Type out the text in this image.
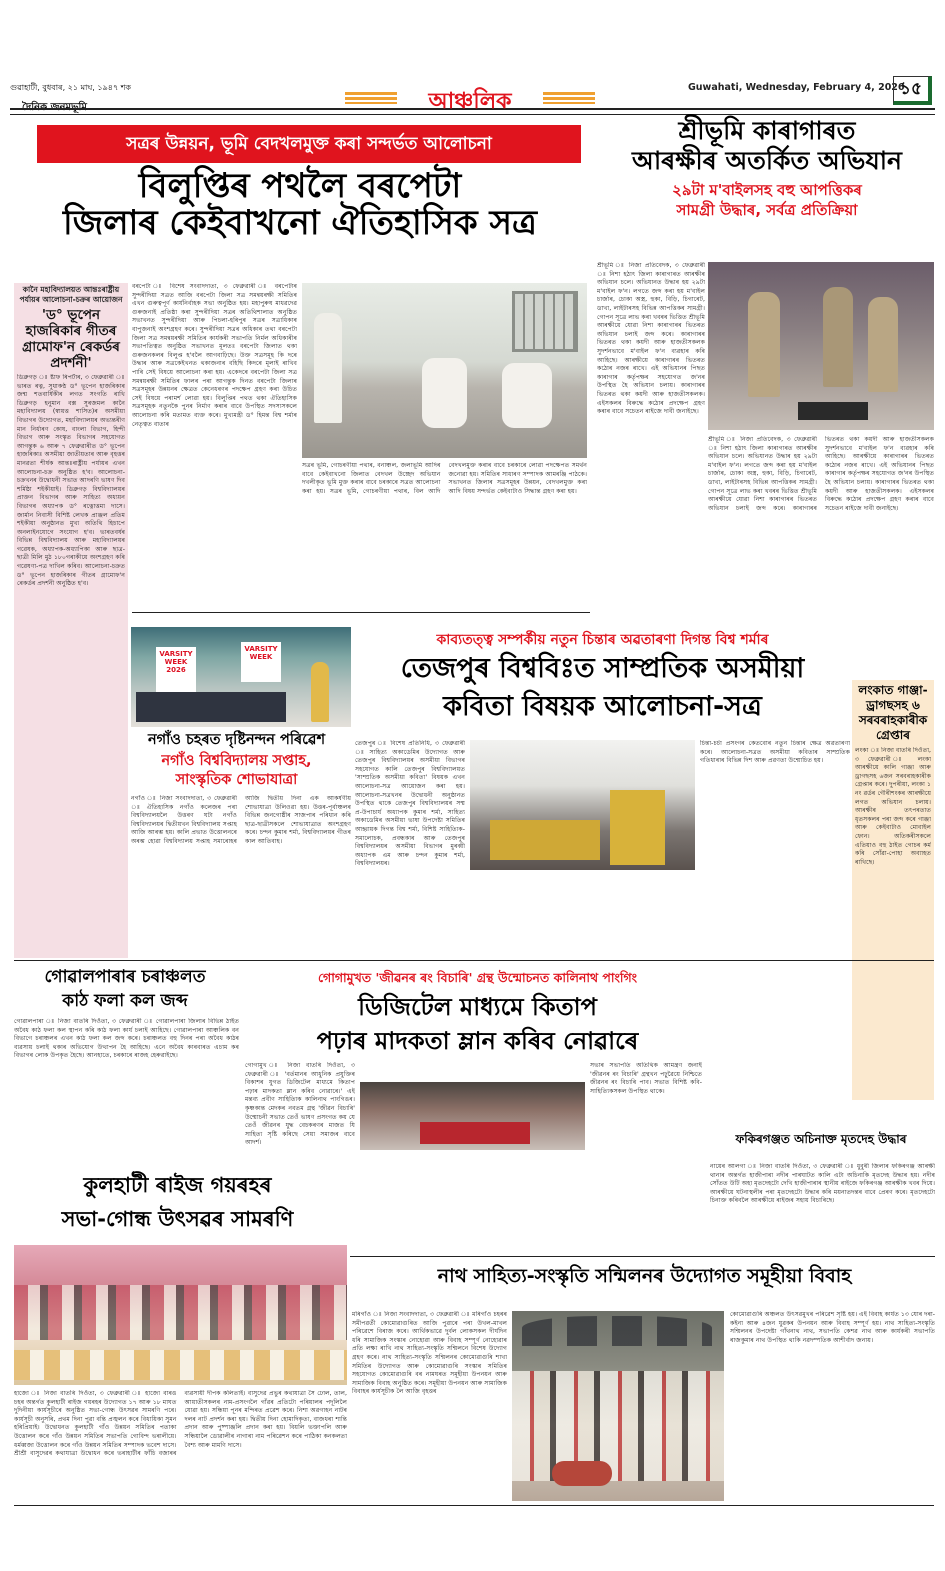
গুৱাহাটী, বুধবাৰ, ২১ মাঘ, ১৯৪৭ শক
দৈনিক জনমভূমি	আঞ্চলিক
Guwahati, Wednesday, February 4, 2026
১৫
সত্ৰৰ উন্নয়ন, ভূমি বেদখলমুক্ত কৰা সন্দৰ্ভত আলোচনা
বিলুপ্তিৰ পথলৈ বৰপেটা
জিলাৰ কেইবাখনো ঐতিহাসিক সত্ৰ
কানৈ মহাবিদ্যালয়ত আন্তঃৰাষ্ট্ৰীয় পৰ্যায়ৰ আলোচনা-চক্ৰৰ আয়োজন
'ড° ভূপেন হাজৰিকাৰ গীতৰ গ্ৰামোফ'ন ৰেকৰ্ডৰ প্ৰদৰ্শনী'
ডিব্ৰুগড় ঃ ষ্টাফ ৰিপৰ্টাৰ, ৩ ফেব্ৰুৱাৰী ঃ ভাৰত ৰত্ন, সুধাকণ্ঠ ড° ভূপেন হাজৰিকাৰ জন্ম শতবাৰ্ষিকীৰ লগত সংগতি ৰাখি ডিব্ৰুগড় হনুমান বক্স সুৰজমল কানৈ মহাবিদ্যালয় (স্বায়ত্ত শাসিত)ৰ অসমীয়া বিভাগৰ উদ্যোগত, মহাবিদ্যালয়ৰ অভ্যন্তৰীণ মান নিৰ্ধাৰণ কোষ, বাংলা বিভাগ, হিন্দী বিভাগ আৰু সংস্কৃত বিভাগৰ সহযোগত আগন্তুক ৬ আৰু ৭ ফেব্ৰুৱাৰীত ড° ভূপেন হাজৰিকাঃ অসমীয়া জাতীয়তাৰ আৰু বৃহত্তৰ মানৱতা শীৰ্ষক আন্তঃৰাষ্ট্ৰীয় পৰ্যায়ৰ এখন আলোচনা-চক্ৰ অনুষ্ঠিত হ'ব। আলোচনা-চক্ৰখনৰ উদ্বোধনী সভাত আদৰণি ভাষণ দিব শৰ্মিষ্ঠা শইকীয়াই। ডিব্ৰুগড় বিশ্ববিদ্যালয়ৰ প্ৰাক্তন বিভাগৰ আৰু সাহিত্য অধ্যয়ন বিভাগৰ অধ্যাপক ড° ৰত্নোত্তমা দাসে। জাৰ্মান নিবাসী বিশিষ্ট লেখক প্ৰাঞ্জল প্ৰতিম শইকীয়া অনুষ্ঠানত মুখ্য অতিথি হিচাপে অনলাইনযোগে সংযোগ হ'ব। ভাৰতবৰ্ষৰ বিভিন্ন বিশ্ববিদ্যালয় আৰু মহাবিদ্যালয়ৰ গৱেষক, অধ্যাপক-অধ্যাপিকা আৰু ছাত্ৰ-ছাত্ৰী মিলি মুঠ ১৮০গৰাকীয়ে অংশগ্ৰহণ কৰি গৱেষণা-পত্ৰ দাখিল কৰিব। আলোচনা-চক্ৰত ড° ভূপেন হাজৰিকাৰ গীতৰ গ্ৰামোফ'ন ৰেকৰ্ডৰ প্ৰদৰ্শনী অনুষ্ঠিত হ'ব।
বৰপেটা ঃ বিশেষ সংবাদদাতা, ৩ ফেব্ৰুৱাৰী ঃ বৰপেটাৰ সুন্দৰীদিয়া সত্ৰত আজি বৰপেটা জিলা সত্ৰ সমন্বয়ৰক্ষী সমিতিৰ এখন গুৰুত্বপূৰ্ণ কাৰ্যনিৰ্বাহক সভা অনুষ্ঠিত হয়। মহাপুৰুষ মাধৱদেৱ গুৰুজনাই প্ৰতিষ্ঠা কৰা সুন্দৰীদিয়া সত্ৰৰ অতিথিশালাত অনুষ্ঠিত সভাখনত সুন্দৰীদিয়া আৰু পিচলা-হৰিপুৰ সত্ৰৰ সত্ৰাধিকাৰ বাপুজনাই অংশগ্ৰহণ কৰে। সুন্দৰীদিয়া সত্ৰৰ অধিকাৰ তথা বৰপেটা জিলা সত্ৰ সমন্বয়ৰক্ষী সমিতিৰ কাৰ্যকৰী সভাপতি নিৰ্মল অধিকাৰীৰ সভাপতিত্বত অনুষ্ঠিত সভাখনত মূলতঃ বৰপেটা জিলাত থকা গুৰুজনকলৰ বিলুপ্ত হ'বলৈ আগবাঢ়িছে। উক্ত সত্ৰসমূহ কি দৰে উদ্ধাৰ আৰু সত্ৰকেইখনত থকাজনাৰ বহিছি কিদৰে মূলাই ৰাখিব পাৰি সেই বিষয়ে আলোচনা কৰা হয়। একেদৰে বৰপেটা জিলা সত্ৰ সমন্বয়ৰক্ষী সমিতিৰ ফালৰ পৰা আগন্তুক দিনত বৰপেটা জিলাৰ সত্ৰসমূহৰ উন্নয়নৰ ক্ষেত্ৰত কেনেধৰণৰ পদক্ষেপ গ্ৰহণ কৰা উচিত সেই বিষয়ে পৰামৰ্শ লোৱা হয়। বিলুপ্তিৰ পথত থকা ঐতিহাসিক সত্ৰসমূহক নতুনকৈ পুনৰ নিৰ্মাণ কৰাৰ বাবে উপস্থিত সদস্যসকলে আলোচনা কৰি মতামত ব্যক্ত কৰে। মুখ্যমন্ত্ৰী ড° হিমন্ত বিশ্ব শৰ্মাৰ নেতৃত্বত বাতাৰ
সত্ৰৰ ভূমি, গোচৰণীয়া পথাৰ, বনাঞ্চল, জলাভূমি আদিৰ বাবে কেইবাখনো জিলাত বেদখল উচ্ছেদ অভিযান দখলীকৃত ভূমি মুক্ত কৰাৰ বাবে চৰকাৰে সত্ৰত আলোচনা কৰা হয়। সত্ৰৰ ভূমি, গোচৰণীয়া পথাৰ, বিল আদি বেদখলমুক্ত কৰাৰ বাবে চৰকাৰে লোৱা পদক্ষেপত সমৰ্থন জনোৱা হয়। সমিতিৰ সাধাৰণ সম্পাদক আমৰঞ্জি পাঠকে। সভাখনত জিলাৰ সত্ৰসমূহৰ উন্নয়ন, বেদখলমুক্ত কৰা আদি বিষয় সন্দৰ্ভত কেইবাটাও সিদ্ধান্ত গ্ৰহণ কৰা হয়।
শ্ৰীভূমি কাৰাগাৰত
আৰক্ষীৰ অতৰ্কিত অভিযান
২৯টা ম'বাইলসহ বহু আপত্তিকৰ
সামগ্ৰী উদ্ধাৰ, সৰ্বত্ৰ প্ৰতিক্ৰিয়া
শ্ৰীভূমি ঃ নিজা প্ৰতিবেদক, ৩ ফেব্ৰুৱাৰী ঃ নিশা হঠাৎ জিলা কাৰাগাৰত আৰক্ষীৰ অভিযান চলে। অভিযানত উদ্ধাৰ হয় ২৯টা ম'বাইল ফ'ন। লগতে জব্দ কৰা হয় ম'বাইল চাৰ্জাৰ, চোকা অস্ত্ৰ, হুকা, বিড়ি, চিগাৰেট, ডাখা, লাইটাৰসহ বিভিন্ন আপত্তিকৰ সামগ্ৰী। গোপন সূত্ৰে লাভ কৰা খবৰৰ ভিত্তিত শ্ৰীভূমি আৰক্ষীয়ে যোৱা নিশা কাৰাগাৰৰ ভিতৰত অভিযান চলাই জব্দ কৰে। কাৰাগাৰৰ ভিতৰত থকা কয়দী আৰু হাজতীসকলক সুদৰ্শনভাবে ম'বাইল ফ'ন ব্যৱহাৰ কৰি আহিছে। আৰক্ষীয়ে কাৰাগাৰৰ ভিতৰত কঠোৰ নজৰ ৰাখে। এই অভিযানৰ পিছত কাৰাগাৰ কৰ্তৃপক্ষৰ সহযোগত জ'নৰ উপস্থিত হৈ অভিযান চলায়। কাৰাগাৰৰ ভিতৰত থকা কয়দী আৰু হাজতীসকলক। এইসকলৰ বিৰুদ্ধে কঠোৰ প্ৰদক্ষেপ গ্ৰহণ কৰাৰ বাবে সচেতন ৰাইজে দাবী জনাইছে।
কাব্যতত্ত্ব সম্পৰ্কীয় নতুন চিন্তাৰ অৱতাৰণা দিগন্ত বিশ্ব শৰ্মাৰ
তেজপুৰ বিশ্ববিঃত সাম্প্ৰতিক অসমীয়া
কবিতা বিষয়ক আলোচনা-সত্ৰ
তেজপুৰ ঃ বিশেষ প্ৰতিনিধি, ৩ ফেব্ৰুৱাৰী ঃ সাহিত্য অকাডেমিৰ উদ্যোগত আৰু তেজপুৰ বিশ্ববিদ্যালয়ৰ অসমীয়া বিভাগৰ সহযোগত কালি তেজপুৰ বিশ্ববিদ্যালয়ত 'সাম্প্ৰতিক অসমীয়া কবিতা' বিষয়ক এখন আলোচনা-সত্ৰ আয়োজন কৰা হয়। আলোচনা-সত্ৰখনৰ উদ্বোধনী অনুষ্ঠানত উপস্থিত থাকে তেজপুৰ বিশ্ববিদ্যালয়ৰ সম্ম প্ৰ-উপাচাৰ্য অধ্যাপক কুমাৰ শৰ্মা, সাহিত্য অকাডেমিৰ অসমীয়া ভাষা উপদেষ্টা সমিতিৰ আহ্বায়ক দিগন্ত বিশ্ব শৰ্মা, বিশিষ্ট সাহিত্যিক-সমালোচক, প্ৰবন্ধকাৰ আৰু তেজপুৰ বিশ্ববিদ্যালয়ৰ অসমীয়া বিভাগৰ মুৰব্বী অধ্যাপক এম আৰু চন্দন কুমাৰ শৰ্মা, বিশ্ববিদ্যালয়ৰ।
চিন্তা-চৰ্চা প্ৰসংগৰ কেতবোৰ নতুন চিন্তাৰ ক্ষেত্ৰ অৱতাৰণা কৰে। আলোচনা-সত্ৰত অসমীয়া কবিতাৰ সাম্প্ৰতিক গতিধাৰাৰ বিভিন্ন দিশ আৰু প্ৰৱণতা উন্মোচিত হয়।
লংকাত গাঞ্জা-
ড্ৰাগছসহ ৬
সৰবৰাহকাৰীক
গ্ৰেপ্তাৰ
লংকা ঃ নিজা বাতৰি দিওঁতা, ৩ ফেব্ৰুৱাৰী ঃ লংকা আৰক্ষীয়ে কালি গাঞ্জা আৰু ড্ৰাগছসহ ৬জন সৰবৰাহকাৰীক গ্ৰেপ্তাৰ কৰে। দুপৰীয়া, লংকা ১ নং ৱৰ্ডৰ গৌৰীশংকৰ আৰক্ষীয়ে লগত অভিযান চলায়। আৰক্ষীৰ তৎপৰতাত ধৃতসকলৰ পৰা জব্দ কৰে গাঞ্জা আৰু কেইবাটাও মোবাইল ফোন। অতিকৰীসকলে এতিয়াও বহু ঠাইত গোচৰ কৰ্ম কৰি সোঁৱা-পোহা অব্যাহত ৰাখিছে।
VARSITY WEEK 2026
VARSITY WEEK
নগাঁও চহৰত দৃষ্টিনন্দন পৰিৱেশ
নগাঁও বিশ্ববিদ্যালয় সপ্তাহ,
সাংস্কৃতিক শোভাযাত্ৰা
নগাঁও ঃ নিজা সংবাদদাতা, ৩ ফেব্ৰুৱাৰী ঃ ঐতিহাসিক নগাঁও কলেজৰ পৰা বিশ্ববিদ্যালয়লৈ উত্তৰণ ঘটা নগাঁও বিশ্ববিদ্যালয়ৰ দ্বিতীয়খন বিশ্ববিদ্যালয় সপ্তাহ আজি আৰম্ভ হয়। কালি প্ৰভাত উত্তোলনৰে অৰম্ভ হোৱা বিশ্ববিদ্যালয় সপ্তাহ সমাৰোহৰ আজি দ্বিতীয় দিনা এক আকৰ্ষণীয় শোভাযাত্ৰা উলিওৱা হয়। উত্তৰ-পূৰ্বাঞ্চলৰ বিভিন্ন জনগোষ্ঠীৰ সাজপাৰ পৰিধান কৰি ছাত্ৰ-ছাত্ৰীসকলে শোভাযাত্ৰাত অংশগ্ৰহণ কৰে। চন্দন কুমাৰ শৰ্মা, বিশ্ববিদ্যালয়ৰ গীতৰ কাল আতিবাহ।
গোৱালপাৰাৰ চৰাঞ্চলত
কাঠ ফলা কল জব্দ
গোৱালপাৰা ঃ নিজা বাতৰি দিওঁতা, ৩ ফেব্ৰুৱাৰী ঃ গোৱালপাৰা জিলাৰ বিভিন্ন ঠাইত অবৈধ কাঠ ফলা কল স্থাপন কৰি কাঠ ফলা কাৰ্য চলাই আহিছে। গোৱালপাৰা আঞ্চলিক বন বিভাগে চৰাঞ্চলৰ এখন কাঠ ফলা কল জব্দ কৰে। চৰাঞ্চলত বহু দিনৰ পৰা অবৈধ কাঠৰ ব্যৱসায় চলাই থকাৰ অভিযোগ উত্থাপন হৈ আহিছে। এনে অবৈধ কাৰবাৰত এচাম কৰ বিভাগৰ লোক উপকৃত হৈছে। আনহাতে, চৰকাৰে ৰাজহ হেৰুৱাইছে।
গোগামুখত 'জীৱনৰ ৰং বিচাৰি' গ্ৰন্থ উন্মোচনত কালিনাথ পাংগিং
ডিজিটেল মাধ্যমে কিতাপ
পঢ়াৰ মাদকতা ম্লান কৰিব নোৱাৰে
গোগামুখ ঃ নিজা বাতৰি দিওঁতা, ৩ ফেব্ৰুৱাৰী ঃ 'বৰ্তমানৰ আধুনিক প্ৰযুক্তিৰ বিকাশৰ যুগত ডিজিটেল মাধ্যমে কিতাপ পঢ়াৰ মাদকতা ম্লান কৰিব নোৱাৰে।' এই মন্তব্য প্ৰবীণ সাহিত্যিক কালিনাথ পাংগিঙৰ। কৃষ্ণকান্ত মেদকৰ নবতম গ্ৰন্থ 'জীৱন বিচাৰি' উন্মোচনী সভাত তেওঁ ভাষণ প্ৰসংগত কয় যে তেওঁ জীৱনৰ যুদ্ধ বেচকৰণৰ মাজত যি সাহিত্য সৃষ্টি কৰিছে সেয়া সমাজৰ বাবে আদৰ্শ।
সভাৰ সভাপতি অতিথিক আমন্ত্ৰণ জনাই 'জীৱনৰ ৰং বিচাৰি' গ্ৰন্থখন পঢ়ুৱৈয়ে নিশ্চিতে জীৱনৰ ৰং বিচাৰি পাব। সভাত বিশিষ্ট কবি-সাহিত্যিকসকল উপস্থিত থাকে।
ফকিৰগঞ্জত অচিনাক্ত মৃতদেহ উদ্ধাৰ
নায়েৰ আলগা ঃ নিজা বাতৰি দিওঁতা, ৩ ফেব্ৰুৱাৰী ঃ ধুবুৰী জিলাৰ ফকিৰগঞ্জ আৰক্ষী থানাৰ অন্তৰ্গত হাজীপাৰা নদীৰ পাৰঘাটত কালি এটা অচিনাকি মৃতদেহ উদ্ধাৰ হয়। নদীৰ সোঁতত উটি অহা মৃতদেহটো দেখি হাজীপাৰাৰ স্থানীয় ৰাইজে ফকিৰগঞ্জ আৰক্ষীক খবৰ দিয়ে। আৰক্ষীয়ে ঘটনাস্থলীৰ পৰা মৃতদেহটো উদ্ধাৰ কৰি ময়নাতদন্তৰ বাবে প্ৰেৰণ কৰে। মৃতদেহটো চিনাক্ত কৰিবলৈ আৰক্ষীয়ে ৰাইজৰ সহায় বিচাৰিছে।
কুলহাটী ৰাইজ গয়ৰহৰ
সভা-গোন্ধ উৎসৱৰ সামৰণি
হাজো ঃ নিজা বাতৰি দিওঁতা, ৩ ফেব্ৰুৱাৰী ঃ হাজো বাৰঙ চহৰ অন্তৰ্গত কুলহাটী ৰাইজ গয়ৰহৰ উদ্যোগত ১৭ আৰু ১৮ মাঘত দুদিনীয়া কাৰ্যসূচীৰে অনুষ্ঠিত সভা-গোন্ধ উৎসৱৰ সামৰণি পৰে। কাৰ্যসূচী অনুসৰি, প্ৰথম দিনা পুৱা বন্তি প্ৰজ্বলন কৰে বিধায়িকা সুমন হৰিপ্ৰিয়াই। উদ্বোধনত কুলহাটী গাঁও উন্নয়ন সমিতিৰ পতাকা উত্তোলন কৰে গাঁও উন্নয়ন সমিতিৰ সভাপতি গোবিন্দ ভৰালীয়ে। ধৰ্মধ্বজা উত্তোলন কৰে গাঁও উন্নয়ন সমিতিৰ সম্পাদক ভবেশ দাসে। শ্ৰীশ্ৰী বাসুদেৱৰ কথাযাত্ৰা উদ্বোধন কৰে ভৰাহাটীৰ ফাঁচি বজাৰৰ ব্যৱসায়ী দীপক কলিতাই। বাসুদেৱ প্ৰভুৰ কথাযাত্ৰা সৈ ঢোল, তাল, আয়াতীসকলৰ নাম-প্ৰসংগলৈ গাঁৱৰ প্ৰতিটো পৰিয়ালৰ পদূলিলৈ যোৱা হয়। সন্ধিয়া পূনৰ মন্দিৰত প্ৰৱেশ কৰে। নিশা অৱগাহন নাটৰ দলৰ নাট প্ৰদৰ্শন কৰা হয়। দ্বিতীয় দিনা হোমাদিকৃত্য, বাজধৰা শান্তি প্ৰদান আৰু পুষ্পাঞ্জলি প্ৰদান কৰা হয়। বিয়লি ভক্তাপলি আৰু সন্ধিয়ালৈ ডোৱালীৰ নাগাৰা নাম পৰিৱেশন কৰে পাঠিকা কনকলতা বৈশ্য আৰু মামণি দাসে।
নাথ সাহিত্য-সংস্কৃতি সন্মিলনৰ উদ্যোগত সমূহীয়া বিবাহ
মৰিগাঁও ঃ নিজা সংবাদদাতা, ৩ ফেব্ৰুৱাৰী ঃ মৰিগাঁও চহৰৰ সমীপৱৰ্তী কোমোৱাগুৰিত আজি পুৱাৰে পৰা উখল-মাখল পৰিৱেশে বিৰাজ কৰে। আৰ্থিকভাৱে দুৰ্বল লোকসকল দীৰ্ঘদিন ধৰি সামাজিক সংস্কাৰ নোহোৱা আৰু বিবাহ সম্পূৰ্ণ নোহোৱাৰ প্ৰতি লক্ষ্য ৰাখি নাথ সাহিত্য-সংস্কৃতি সন্মিলনে বিশেষ উদ্যোগ গ্ৰহণ কৰে। নাথ সাহিত্য-সংস্কৃতি সন্মিলনৰ কোমোৱাগুৰি শাখা সমিতিৰ উদ্যোগত আৰু কোমোৱাগুৰি সংস্কাৰ সমিতিৰ সহযোগত কোমোৱাগুৰি বৰ নামঘৰত সমূহীয়া উপনয়ন আৰু সামাজিক বিবাহ অনুষ্ঠিত কৰে। সমূহীয়া উপনয়ন আৰু সামাজিক বিবাহৰ কাৰ্যসূচীক লৈ আজি বৃহত্তৰ
কোমোৱাগুৰি অঞ্চলত উৎসৱমুখৰ পৰিৱেশ সৃষ্টি হয়। এই বিবাহ কাৰ্যত ১৩ যোৰ দৰা-কইনা আৰু ৪জন যুৱকৰ উপনয়ন আৰু বিবাহ সম্পূৰ্ণ হয়। নাথ সাহিত্য-সংস্কৃতি সন্মিলনৰ উপদেষ্টা গাঁথনাথ নাথ, সভাপতি কেশৱ নাথ আৰু কাৰ্যকৰী সভাপতি ৰাজকুমাৰ নাথ উপস্থিত থাকি নৱদম্পতিক আশীৰ্বাদ জনায়।
শ্ৰীভূমি ঃ নিজা প্ৰতিবেদক, ৩ ফেব্ৰুৱাৰী ঃ নিশা হঠাৎ জিলা কাৰাগাৰত আৰক্ষীৰ অভিযান চলে। অভিযানত উদ্ধাৰ হয় ২৯টা ম'বাইল ফ'ন। লগতে জব্দ কৰা হয় ম'বাইল চাৰ্জাৰ, চোকা অস্ত্ৰ, হুকা, বিড়ি, চিগাৰেট, ডাখা, লাইটাৰসহ বিভিন্ন আপত্তিকৰ সামগ্ৰী। গোপন সূত্ৰে লাভ কৰা খবৰৰ ভিত্তিত শ্ৰীভূমি আৰক্ষীয়ে যোৱা নিশা কাৰাগাৰৰ ভিতৰত অভিযান চলাই জব্দ কৰে। কাৰাগাৰৰ ভিতৰত থকা কয়দী আৰু হাজতীসকলক সুদৰ্শনভাবে ম'বাইল ফ'ন ব্যৱহাৰ কৰি আহিছে। আৰক্ষীয়ে কাৰাগাৰৰ ভিতৰত কঠোৰ নজৰ ৰাখে। এই অভিযানৰ পিছত কাৰাগাৰ কৰ্তৃপক্ষৰ সহযোগত জ'নৰ উপস্থিত হৈ অভিযান চলায়। কাৰাগাৰৰ ভিতৰত থকা কয়দী আৰু হাজতীসকলক। এইসকলৰ বিৰুদ্ধে কঠোৰ প্ৰদক্ষেপ গ্ৰহণ কৰাৰ বাবে সচেতন ৰাইজে দাবী জনাইছে।
